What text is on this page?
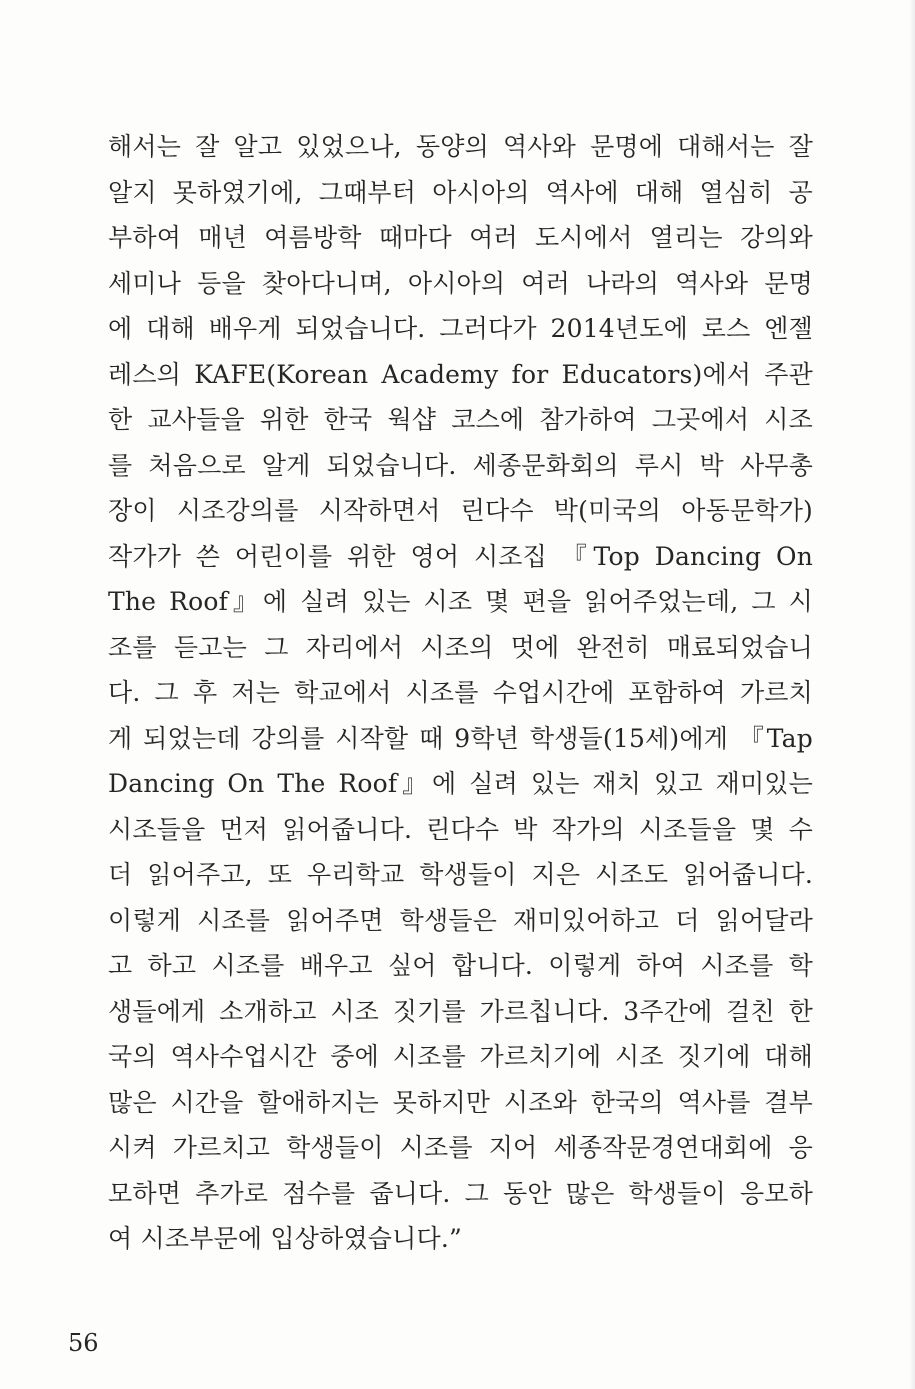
해서는 잘 알고 있었으나, 동양의 역사와 문명에 대해서는 잘
알지 못하였기에, 그때부터 아시아의 역사에 대해 열심히 공
부하여 매년 여름방학 때마다 여러 도시에서 열리는 강의와
세미나 등을 찾아다니며, 아시아의 여러 나라의 역사와 문명
에 대해 배우게 되었습니다. 그러다가 2014년도에 로스 엔젤
레스의 KAFE(Korean Academy for Educators)에서 주관
한 교사들을 위한 한국 웍샵 코스에 참가하여 그곳에서 시조
를 처음으로 알게 되었습니다. 세종문화회의 루시 박 사무총
장이 시조강의를 시작하면서 린다수 박(미국의 아동문학가)
작가가 쓴 어린이를 위한 영어 시조집 『Top Dancing On
The Roof』에 실려 있는 시조 몇 편을 읽어주었는데, 그 시
조를 듣고는 그 자리에서 시조의 멋에 완전히 매료되었습니
다. 그 후 저는 학교에서 시조를 수업시간에 포함하여 가르치
게 되었는데 강의를 시작할 때 9학년 학생들(15세)에게 『Tap
Dancing On The Roof』에 실려 있는 재치 있고 재미있는
시조들을 먼저 읽어줍니다. 린다수 박 작가의 시조들을 몇 수
더 읽어주고, 또 우리학교 학생들이 지은 시조도 읽어줍니다.
이렇게 시조를 읽어주면 학생들은 재미있어하고 더 읽어달라
고 하고 시조를 배우고 싶어 합니다. 이렇게 하여 시조를 학
생들에게 소개하고 시조 짓기를 가르칩니다. 3주간에 걸친 한
국의 역사수업시간 중에 시조를 가르치기에 시조 짓기에 대해
많은 시간을 할애하지는 못하지만 시조와 한국의 역사를 결부
시켜 가르치고 학생들이 시조를 지어 세종작문경연대회에 응
모하면 추가로 점수를 줍니다. 그 동안 많은 학생들이 응모하
여 시조부문에 입상하였습니다.”
56
